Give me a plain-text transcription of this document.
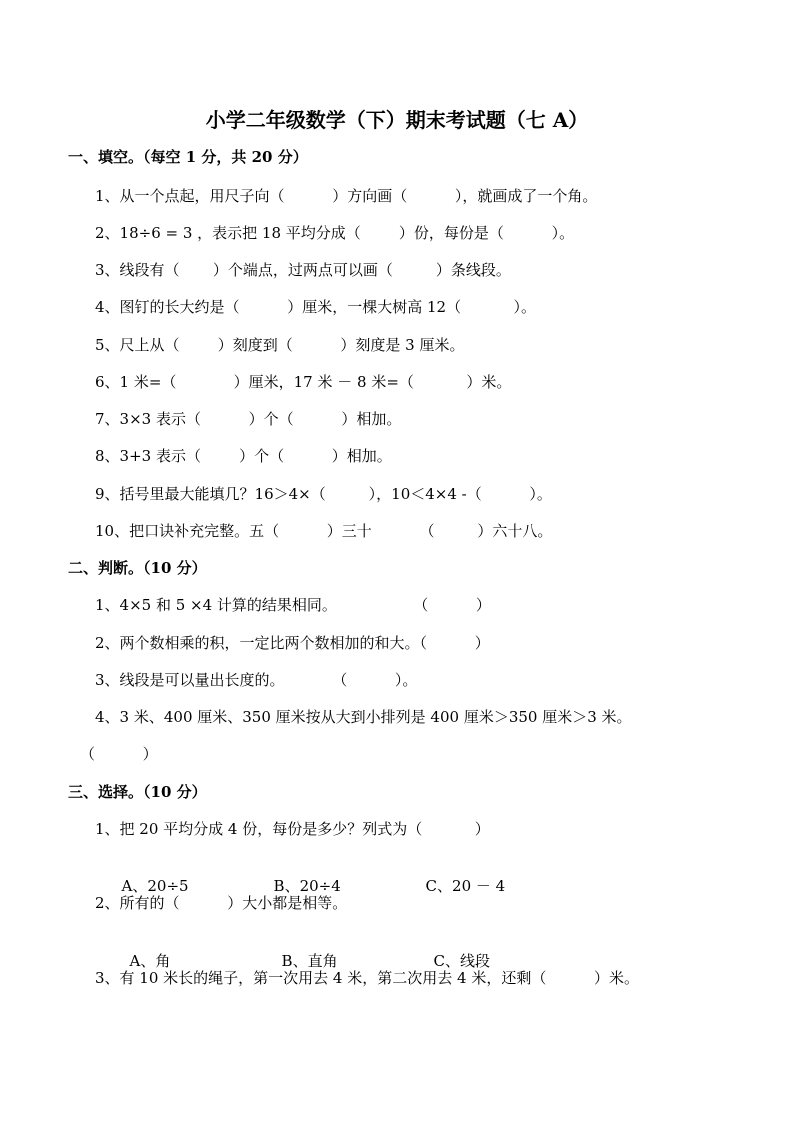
小学二年级数学（下）期末考试题（七 A）
一、填空。（每空 1 分，共 20 分）
1、从一个点起，用尺子向（          ）方向画（          ），就画成了一个角。
2、18÷6 = 3 ，表示把 18 平均分成（        ）份，每份是（          ）。
3、线段有（       ）个端点，过两点可以画（         ）条线段。
4、图钉的长大约是（          ）厘米，一棵大树高 12（           ）。
5、尺上从（        ）刻度到（          ）刻度是 3 厘米。
6、1 米=（            ）厘米，17 米 － 8 米=（           ）米。
7、3×3 表示（          ）个（          ）相加。
8、3+3 表示（        ）个（          ）相加。
9、括号里最大能填几？16＞4×（         ），10＜4×4 -（          ）。
10、把口诀补充完整。五（          ）三十          （         ）六十八。
二、判断。（10 分）
1、4×5 和 5 ×4 计算的结果相同。                （          ）
2、两个数相乘的积，一定比两个数相加的和大。（          ）
3、线段是可以量出长度的。          （          ）。
4、3 米、400 厘米、350 厘米按从大到小排列是 400 厘米＞350 厘米＞3 米。
（          ）
三、选择。（10 分）
1、把 20 平均分成 4 份，每份是多少？列式为（           ）

A、20÷5	B、20÷4	C、20 － 4

2、所有的（          ）大小都是相等。

A、角	B、直角	C、线段

3、有 10 米长的绳子，第一次用去 4 米，第二次用去 4 米，还剩（          ）米。
